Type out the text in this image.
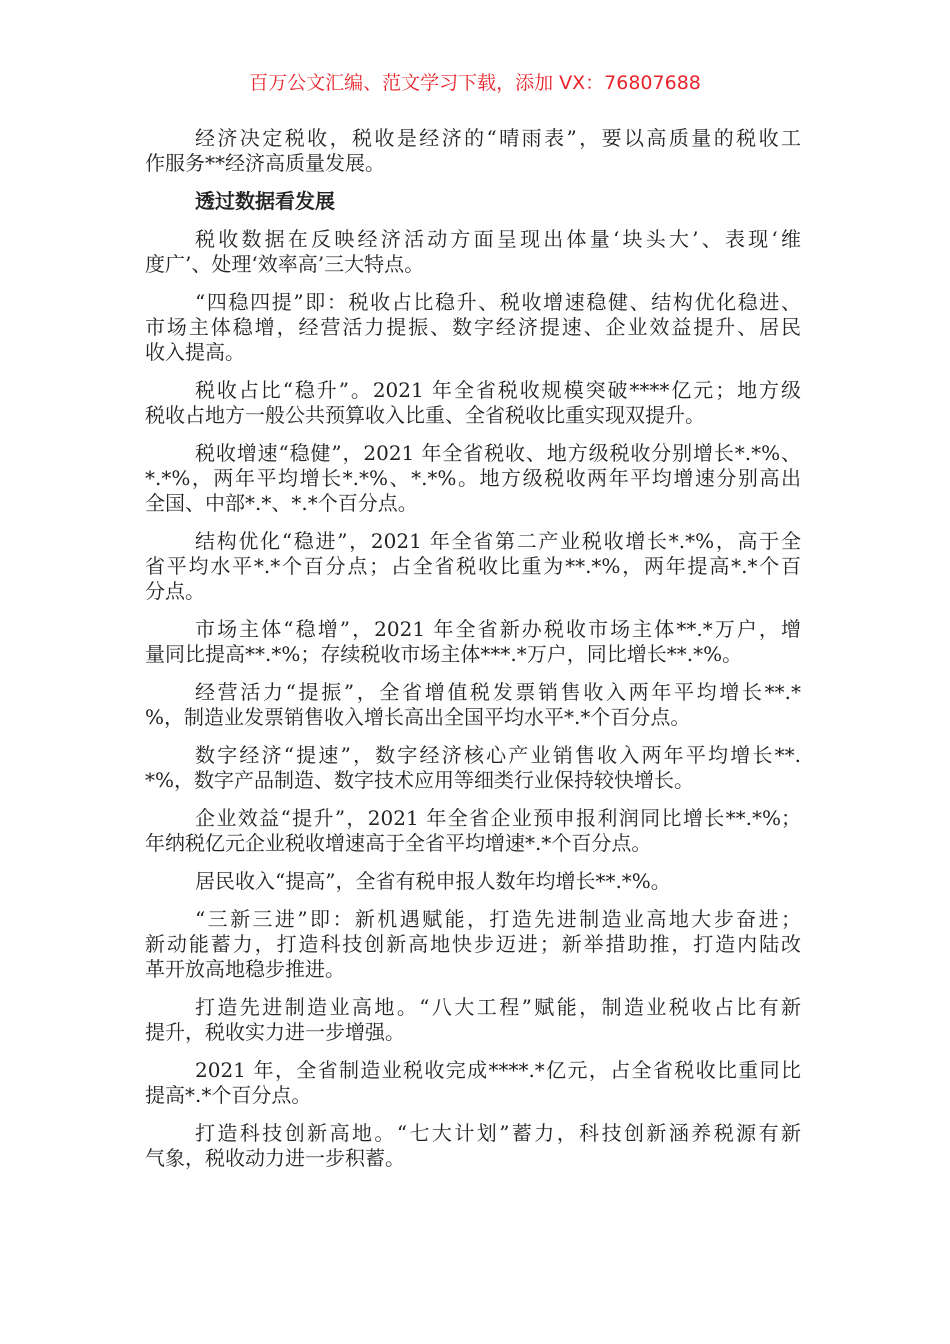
百万公文汇编、范文学习下载，添加 VX：76807688
经济决定税收，税收是经济的“晴雨表”，要以高质量的税收工
作服务**经济高质量发展。
透过数据看发展
税收数据在反映经济活动方面呈现出体量‘块头大’、表现‘维
度广’、处理‘效率高’三大特点。
“四稳四提”即：税收占比稳升、税收增速稳健、结构优化稳进、
市场主体稳增，经营活力提振、数字经济提速、企业效益提升、居民
收入提高。
税收占比“稳升”。2021 年全省税收规模突破****亿元；地方级
税收占地方一般公共预算收入比重、全省税收比重实现双提升。
税收增速“稳健”，2021 年全省税收、地方级税收分别增长*.*%、
*.*%，两年平均增长*.*%、*.*%。地方级税收两年平均增速分别高出
全国、中部*.*、*.*个百分点。
结构优化“稳进”，2021 年全省第二产业税收增长*.*%，高于全
省平均水平*.*个百分点；占全省税收比重为**.*%，两年提高*.*个百
分点。
市场主体“稳增”，2021 年全省新办税收市场主体**.*万户，增
量同比提高**.*%；存续税收市场主体***.*万户，同比增长**.*%。
经营活力“提振”，全省增值税发票销售收入两年平均增长**.*
%，制造业发票销售收入增长高出全国平均水平*.*个百分点。
数字经济“提速”，数字经济核心产业销售收入两年平均增长**.
*%，数字产品制造、数字技术应用等细类行业保持较快增长。
企业效益“提升”，2021 年全省企业预申报利润同比增长**.*%；
年纳税亿元企业税收增速高于全省平均增速*.*个百分点。
居民收入“提高”，全省有税申报人数年均增长**.*%。
“三新三进”即：新机遇赋能，打造先进制造业高地大步奋进；
新动能蓄力，打造科技创新高地快步迈进；新举措助推，打造内陆改
革开放高地稳步推进。
打造先进制造业高地。“八大工程”赋能，制造业税收占比有新
提升，税收实力进一步增强。
2021 年，全省制造业税收完成****.*亿元，占全省税收比重同比
提高*.*个百分点。
打造科技创新高地。“七大计划”蓄力，科技创新涵养税源有新
气象，税收动力进一步积蓄。
